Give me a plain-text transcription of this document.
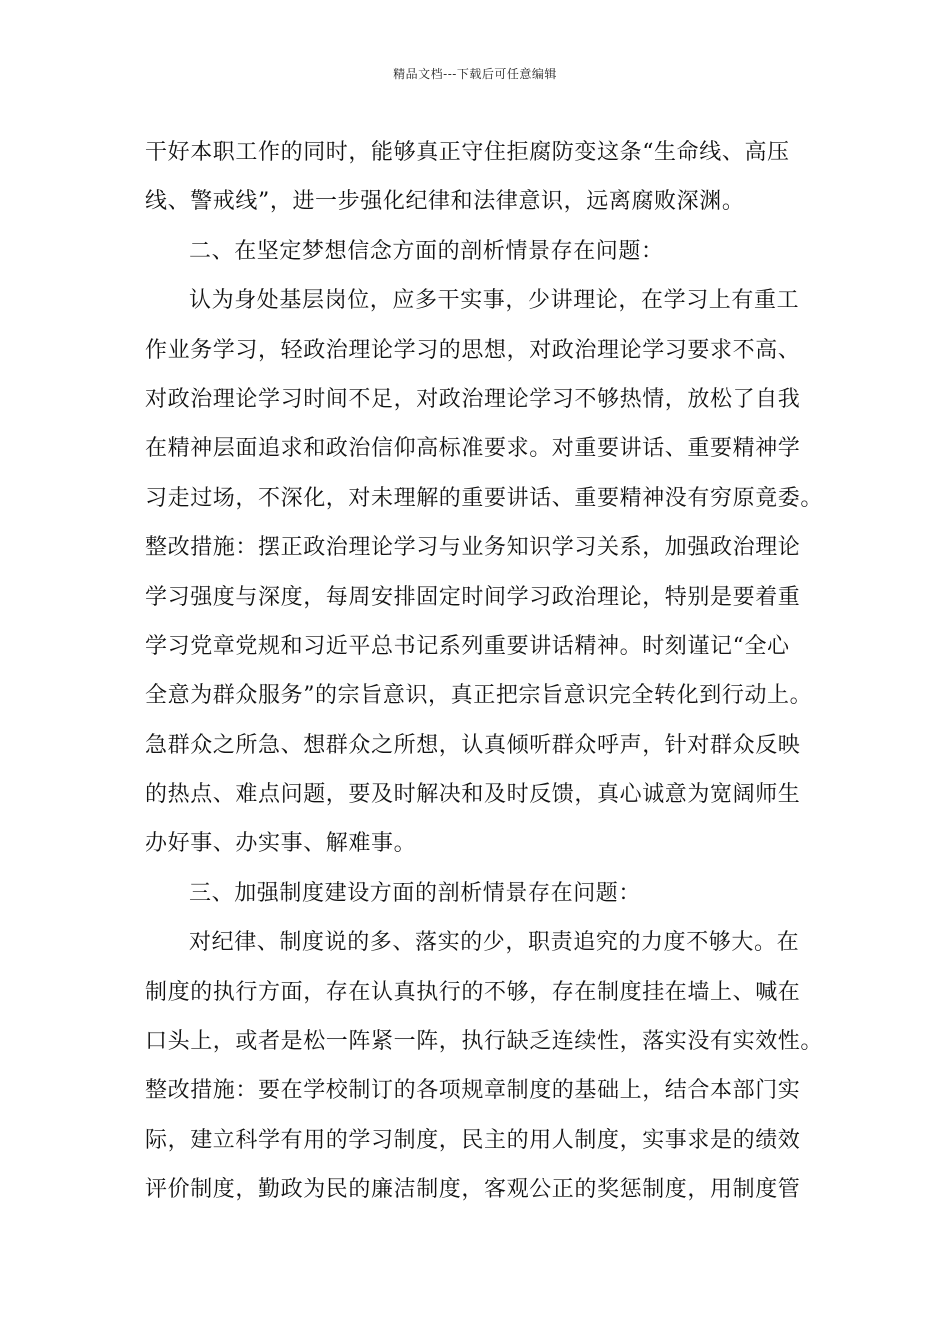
精品文档---下载后可任意编辑
干好本职工作的同时，能够真正守住拒腐防变这条“生命线、高压
线、警戒线”，进一步强化纪律和法律意识，远离腐败深渊。
二、在坚定梦想信念方面的剖析情景存在问题：
认为身处基层岗位，应多干实事，少讲理论，在学习上有重工
作业务学习，轻政治理论学习的思想，对政治理论学习要求不高、
对政治理论学习时间不足，对政治理论学习不够热情，放松了自我
在精神层面追求和政治信仰高标准要求。对重要讲话、重要精神学
习走过场，不深化，对未理解的重要讲话、重要精神没有穷原竟委。
整改措施：摆正政治理论学习与业务知识学习关系，加强政治理论
学习强度与深度，每周安排固定时间学习政治理论，特别是要着重
学习党章党规和习近平总书记系列重要讲话精神。时刻谨记“全心
全意为群众服务”的宗旨意识，真正把宗旨意识完全转化到行动上。
急群众之所急、想群众之所想，认真倾听群众呼声，针对群众反映
的热点、难点问题，要及时解决和及时反馈，真心诚意为宽阔师生
办好事、办实事、解难事。
三、加强制度建设方面的剖析情景存在问题：
对纪律、制度说的多、落实的少，职责追究的力度不够大。在
制度的执行方面，存在认真执行的不够，存在制度挂在墙上、喊在
口头上，或者是松一阵紧一阵，执行缺乏连续性，落实没有实效性。
整改措施：要在学校制订的各项规章制度的基础上，结合本部门实
际，建立科学有用的学习制度，民主的用人制度，实事求是的绩效
评价制度，勤政为民的廉洁制度，客观公正的奖惩制度，用制度管
